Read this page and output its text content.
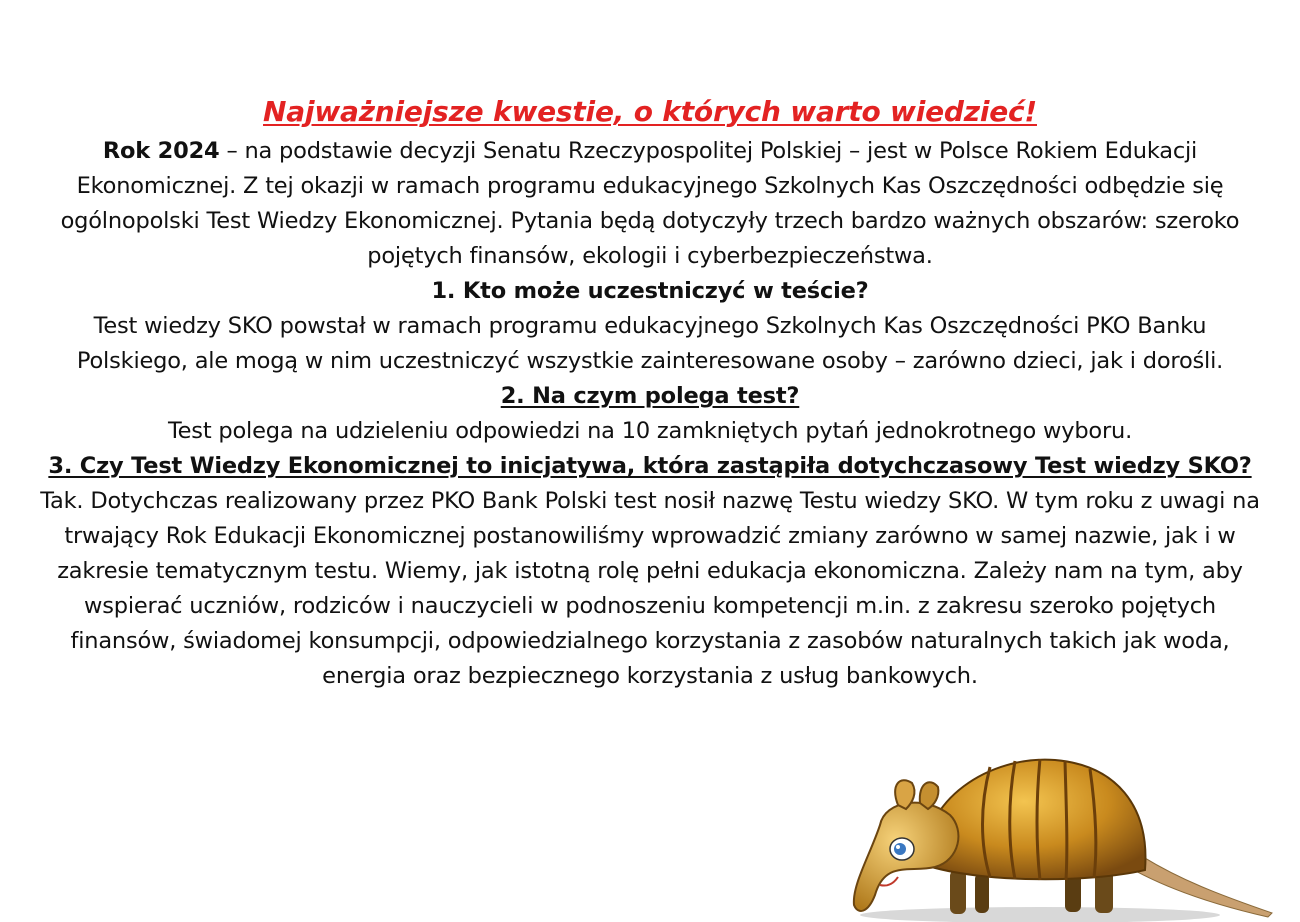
Najważniejsze kwestie, o których warto wiedzieć!

Rok 2024 – na podstawie decyzji Senatu Rzeczypospolitej Polskiej – jest w Polsce Rokiem Edukacji Ekonomicznej. Z tej okazji w ramach programu edukacyjnego Szkolnych Kas Oszczędności odbędzie się ogólnopolski Test Wiedzy Ekonomicznej. Pytania będą dotyczyły trzech bardzo ważnych obszarów: szeroko pojętych finansów, ekologii i cyberbezpieczeństwa.

1. Kto może uczestniczyć w teście?

Test wiedzy SKO powstał w ramach programu edukacyjnego Szkolnych Kas Oszczędności PKO Banku Polskiego, ale mogą w nim uczestniczyć wszystkie zainteresowane osoby – zarówno dzieci, jak i dorośli.

2. Na czym polega test?

Test polega na udzieleniu odpowiedzi na 10 zamkniętych pytań jednokrotnego wyboru.

3. Czy Test Wiedzy Ekonomicznej to inicjatywa, która zastąpiła dotychczasowy Test wiedzy SKO?

Tak. Dotychczas realizowany przez PKO Bank Polski test nosił nazwę Testu wiedzy SKO. W tym roku z uwagi na trwający Rok Edukacji Ekonomicznej postanowiliśmy wprowadzić zmiany zarówno w samej nazwie, jak i w zakresie tematycznym testu. Wiemy, jak istotną rolę pełni edukacja ekonomiczna. Zależy nam na tym, aby wspierać uczniów, rodziców i nauczycieli w podnoszeniu kompetencji m.in. z zakresu szeroko pojętych finansów, świadomej konsumpcji, odpowiedzialnego korzystania z zasobów naturalnych takich jak woda, energia oraz bezpiecznego korzystania z usług bankowych.
